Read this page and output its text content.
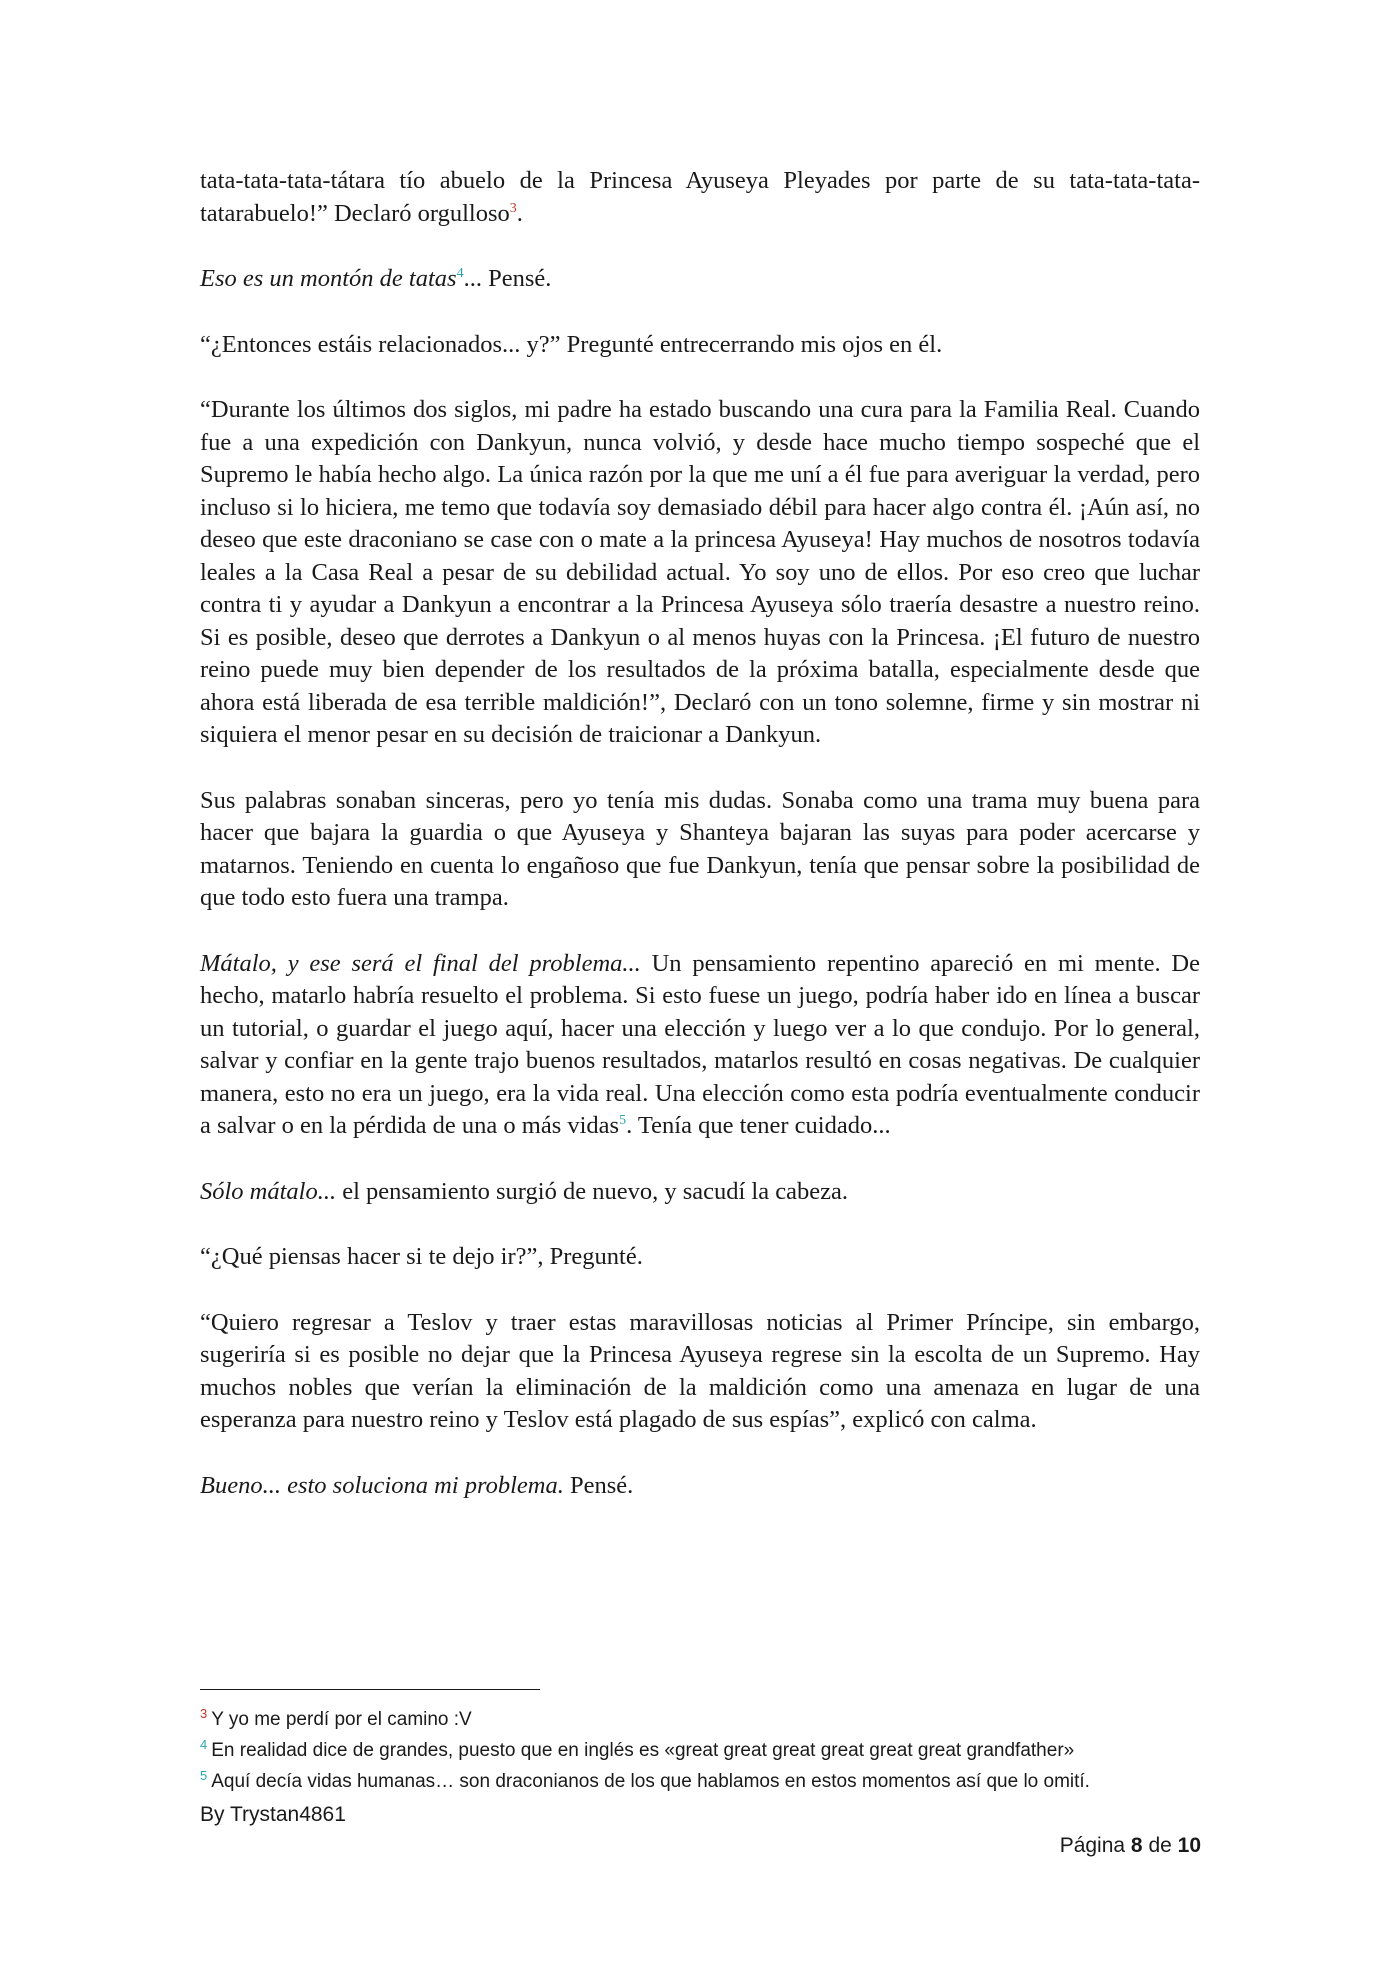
tata-tata-tata-tátara tío abuelo de la Princesa Ayuseya Pleyades por parte de su tata-tata-tata-tatarabuelo!” Declaró orgulloso$^3$.

Eso es un montón de tatas$^4$... Pensé.

“¿Entonces estáis relacionados... y?” Pregunté entrecerrando mis ojos en él.

“Durante los últimos dos siglos, mi padre ha estado buscando una cura para la Familia Real. Cuando fue a una expedición con Dankyun, nunca volvió, y desde hace mucho tiempo sospeché que el Supremo le había hecho algo. La única razón por la que me uní a él fue para averiguar la verdad, pero incluso si lo hiciera, me temo que todavía soy demasiado débil para hacer algo contra él. ¡Aún así, no deseo que este draconiano se case con o mate a la princesa Ayuseya! Hay muchos de nosotros todavía leales a la Casa Real a pesar de su debilidad actual. Yo soy uno de ellos. Por eso creo que luchar contra ti y ayudar a Dankyun a encontrar a la Princesa Ayuseya sólo traería desastre a nuestro reino. Si es posible, deseo que derrotes a Dankyun o al menos huyas con la Princesa. ¡El futuro de nuestro reino puede muy bien depender de los resultados de la próxima batalla, especialmente desde que ahora está liberada de esa terrible maldición!”, Declaró con un tono solemne, firme y sin mostrar ni siquiera el menor pesar en su decisión de traicionar a Dankyun.

Sus palabras sonaban sinceras, pero yo tenía mis dudas. Sonaba como una trama muy buena para hacer que bajara la guardia o que Ayuseya y Shanteya bajaran las suyas para poder acercarse y matarnos. Teniendo en cuenta lo engañoso que fue Dankyun, tenía que pensar sobre la posibilidad de que todo esto fuera una trampa.

Mátalo, y ese será el final del problema... Un pensamiento repentino apareció en mi mente. De hecho, matarlo habría resuelto el problema. Si esto fuese un juego, podría haber ido en línea a buscar un tutorial, o guardar el juego aquí, hacer una elección y luego ver a lo que condujo. Por lo general, salvar y confiar en la gente trajo buenos resultados, matarlos resultó en cosas negativas. De cualquier manera, esto no era un juego, era la vida real. Una elección como esta podría eventualmente conducir a salvar o en la pérdida de una o más vidas$^5$. Tenía que tener cuidado...

Sólo mátalo... el pensamiento surgió de nuevo, y sacudí la cabeza.

“¿Qué piensas hacer si te dejo ir?”, Pregunté.

“Quiero regresar a Teslov y traer estas maravillosas noticias al Primer Príncipe, sin embargo, sugeriría si es posible no dejar que la Princesa Ayuseya regrese sin la escolta de un Supremo. Hay muchos nobles que verían la eliminación de la maldición como una amenaza en lugar de una esperanza para nuestro reino y Teslov está plagado de sus espías”, explicó con calma.

Bueno... esto soluciona mi problema. Pensé.

$^3$ Y yo me perdí por el camino :V

$^4$ En realidad dice de grandes, puesto que en inglés es «great great great great great great grandfather»

$^5$ Aquí decía vidas humanas… son draconianos de los que hablamos en estos momentos así que lo omití.

By Trystan4861
Página 8 de 10
